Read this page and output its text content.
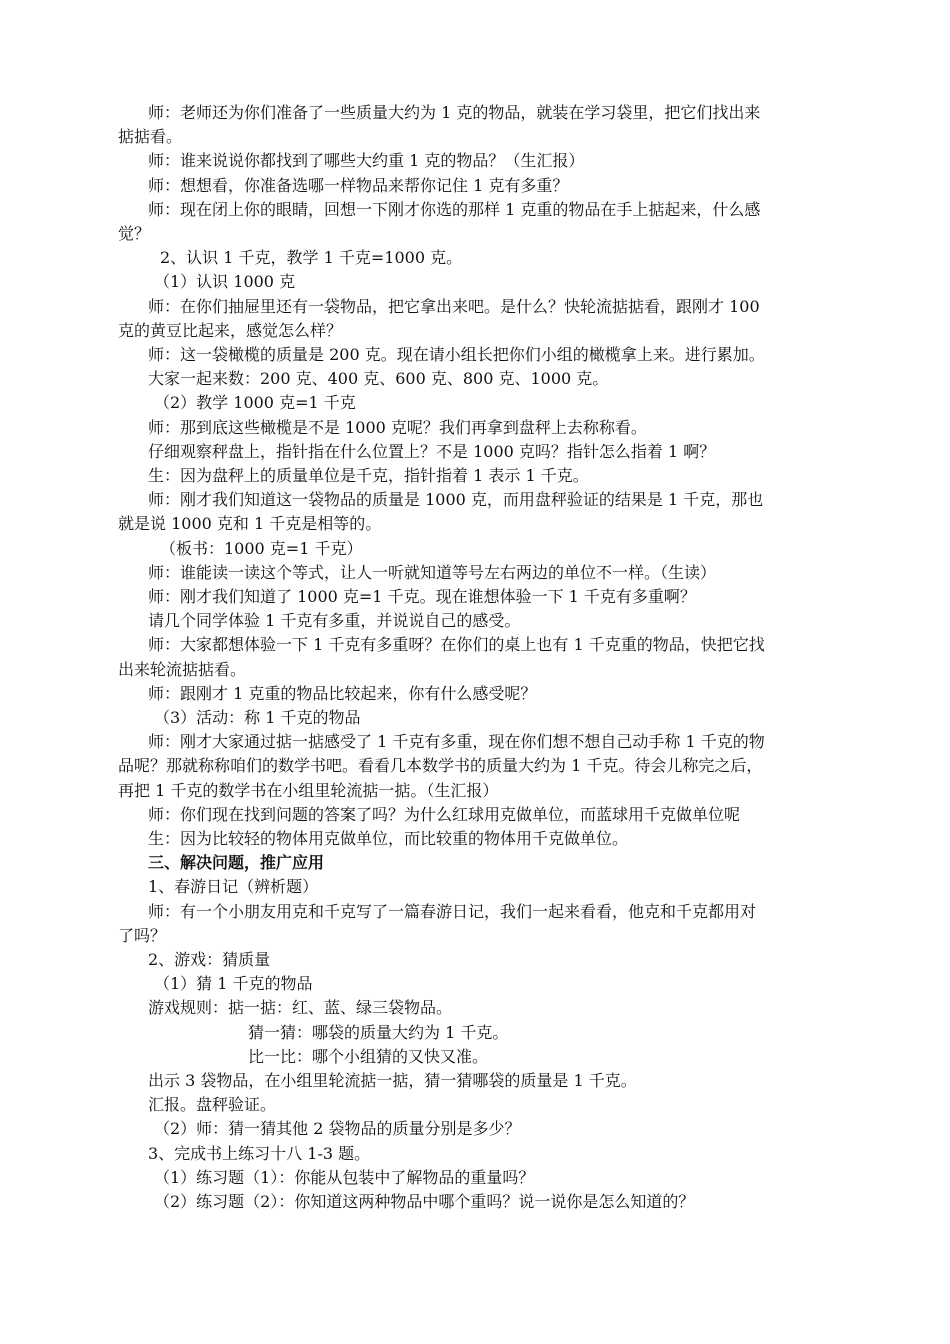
师：老师还为你们准备了一些质量大约为 1 克的物品，就装在学习袋里，把它们找出来

掂掂看。

师：谁来说说你都找到了哪些大约重 1 克的物品？（生汇报）

师：想想看，你准备选哪一样物品来帮你记住 1 克有多重？

师：现在闭上你的眼睛，回想一下刚才你选的那样 1 克重的物品在手上掂起来，什么感

觉？

2、认识 1 千克，教学 1 千克=1000 克。

（1）认识 1000 克

师：在你们抽屉里还有一袋物品，把它拿出来吧。是什么？快轮流掂掂看，跟刚才 100

克的黄豆比起来，感觉怎么样？

师：这一袋橄榄的质量是 200 克。现在请小组长把你们小组的橄榄拿上来。进行累加。

大家一起来数：200 克、400 克、600 克、800 克、1000 克。

（2）教学 1000 克=1 千克

师：那到底这些橄榄是不是 1000 克呢？我们再拿到盘秤上去称称看。

仔细观察秤盘上，指针指在什么位置上？不是 1000 克吗？指针怎么指着 1 啊？

生：因为盘秤上的质量单位是千克，指针指着 1 表示 1 千克。

师：刚才我们知道这一袋物品的质量是 1000 克，而用盘秤验证的结果是 1 千克，那也

就是说 1000 克和 1 千克是相等的。

（板书：1000 克=1 千克）

师：谁能读一读这个等式，让人一听就知道等号左右两边的单位不一样。（生读）

师：刚才我们知道了 1000 克=1 千克。现在谁想体验一下 1 千克有多重啊？

请几个同学体验 1 千克有多重，并说说自己的感受。

师：大家都想体验一下 1 千克有多重呀？在你们的桌上也有 1 千克重的物品，快把它找

出来轮流掂掂看。

师：跟刚才 1 克重的物品比较起来，你有什么感受呢？

（3）活动：称 1 千克的物品

师：刚才大家通过掂一掂感受了 1 千克有多重，现在你们想不想自己动手称 1 千克的物

品呢？那就称称咱们的数学书吧。看看几本数学书的质量大约为 1 千克。待会儿称完之后，

再把 1 千克的数学书在小组里轮流掂一掂。（生汇报）

师：你们现在找到问题的答案了吗？为什么红球用克做单位，而蓝球用千克做单位呢

生：因为比较轻的物体用克做单位，而比较重的物体用千克做单位。

三、解决问题，推广应用

1、春游日记（辨析题）

师：有一个小朋友用克和千克写了一篇春游日记，我们一起来看看，他克和千克都用对

了吗？

2、游戏：猜质量

（1）猜 1 千克的物品

游戏规则：掂一掂：红、蓝、绿三袋物品。

猜一猜：哪袋的质量大约为 1 千克。

比一比：哪个小组猜的又快又准。

出示 3 袋物品，在小组里轮流掂一掂，猜一猜哪袋的质量是 1 千克。

汇报。盘秤验证。

（2）师：猜一猜其他 2 袋物品的质量分别是多少？

3、完成书上练习十八 1-3 题。

（1）练习题（1）：你能从包装中了解物品的重量吗？

（2）练习题（2）：你知道这两种物品中哪个重吗？说一说你是怎么知道的？
